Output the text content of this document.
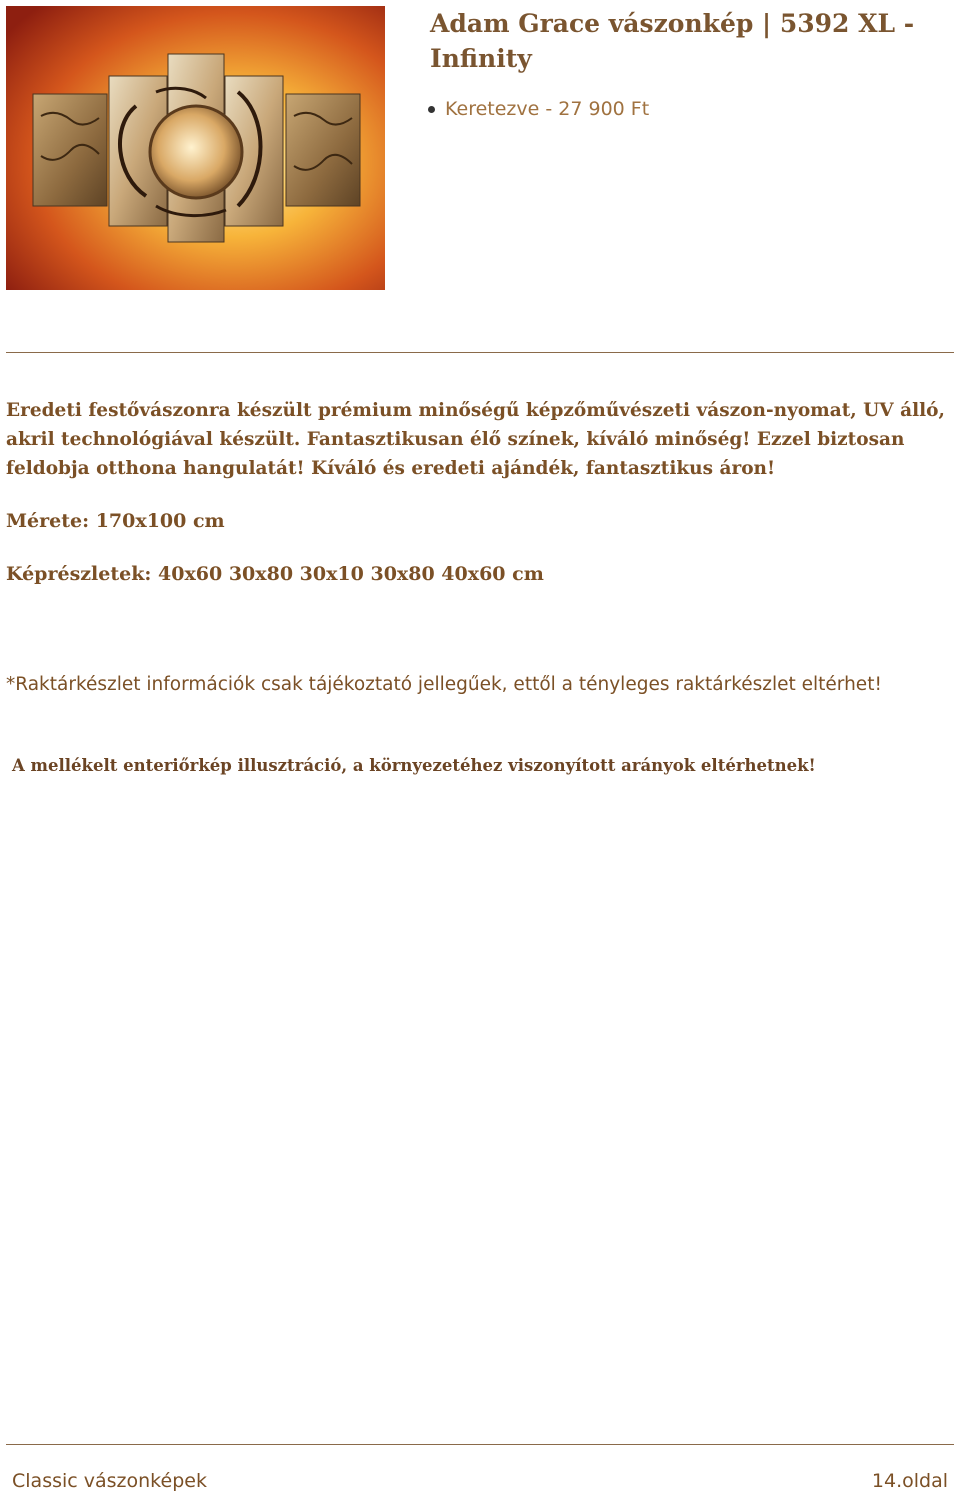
Adam Grace vászonkép | 5392 XL - Infinity
Keretezve - 27 900 Ft

Eredeti festővászonra készült prémium minőségű képzőművészeti vászon-nyomat, UV álló, akril technológiával készült. Fantasztikusan élő színek, kíváló minőség! Ezzel biztosan feldobja otthona hangulatát! Kíváló és eredeti ajándék, fantasztikus áron!

Mérete: 170x100 cm

Képrészletek: 40x60 30x80 30x10 30x80 40x60 cm

*Raktárkészlet információk csak tájékoztató jellegűek, ettől a tényleges raktárkészlet eltérhet!

A mellékelt enteriőrkép illusztráció, a környezetéhez viszonyított arányok eltérhetnek!

Classic vászonképek	14.oldal
